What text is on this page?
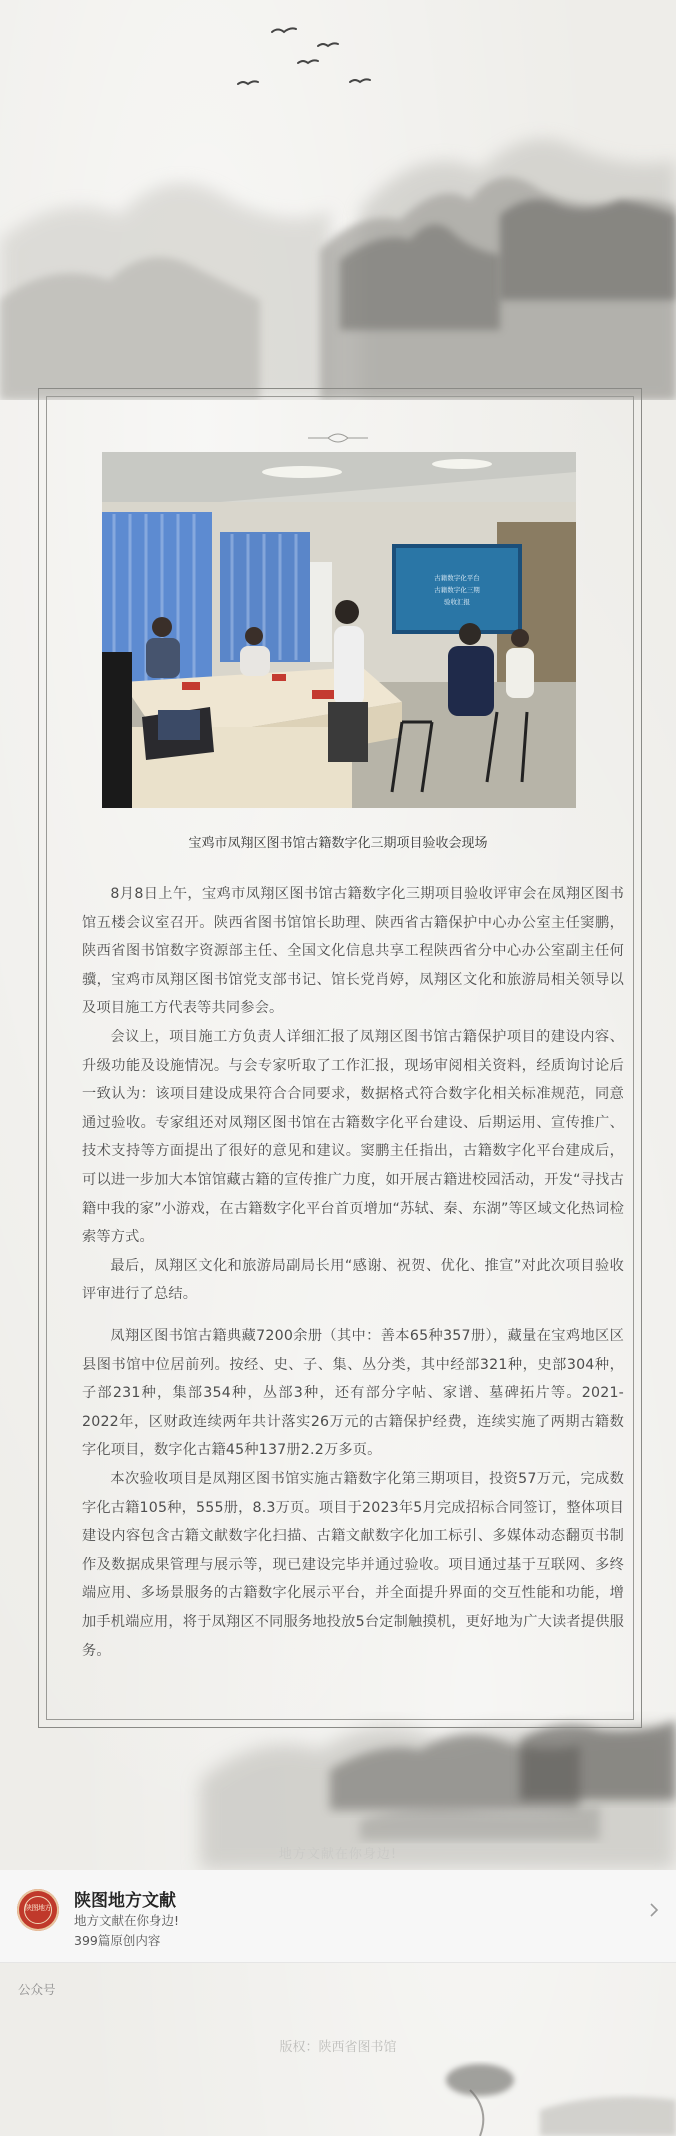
古籍数字化平台
古籍数字化三期
验收汇报
宝鸡市凤翔区图书馆古籍数字化三期项目验收会现场

8月8日上午，宝鸡市凤翔区图书馆古籍数字化三期项目验收评审会在凤翔区图书馆五楼会议室召开。陕西省图书馆馆长助理、陕西省古籍保护中心办公室主任窦鹏，陕西省图书馆数字资源部主任、全国文化信息共享工程陕西省分中心办公室副主任何骥，宝鸡市凤翔区图书馆党支部书记、馆长党肖婷，凤翔区文化和旅游局相关领导以及项目施工方代表等共同参会。

会议上，项目施工方负责人详细汇报了凤翔区图书馆古籍保护项目的建设内容、升级功能及设施情况。与会专家听取了工作汇报，现场审阅相关资料，经质询讨论后一致认为：该项目建设成果符合合同要求，数据格式符合数字化相关标准规范，同意通过验收。专家组还对凤翔区图书馆在古籍数字化平台建设、后期运用、宣传推广、技术支持等方面提出了很好的意见和建议。窦鹏主任指出，古籍数字化平台建成后，可以进一步加大本馆馆藏古籍的宣传推广力度，如开展古籍进校园活动，开发“寻找古籍中我的家”小游戏，在古籍数字化平台首页增加“苏轼、秦、东湖”等区域文化热词检索等方式。

最后，凤翔区文化和旅游局副局长用“感谢、祝贺、优化、推宣”对此次项目验收评审进行了总结。

凤翔区图书馆古籍典藏7200余册（其中：善本65种357册），藏量在宝鸡地区区县图书馆中位居前列。按经、史、子、集、丛分类，其中经部321种，史部304种，子部231种，集部354种，丛部3种，还有部分字帖、家谱、墓碑拓片等。2021-2022年，区财政连续两年共计落实26万元的古籍保护经费，连续实施了两期古籍数字化项目，数字化古籍45种137册2.2万多页。

本次验收项目是凤翔区图书馆实施古籍数字化第三期项目，投资57万元，完成数字化古籍105种，555册，8.3万页。项目于2023年5月完成招标合同签订，整体项目建设内容包含古籍文献数字化扫描、古籍文献数字化加工标引、多媒体动态翻页书制作及数据成果管理与展示等，现已建设完毕并通过验收。项目通过基于互联网、多终端应用、多场景服务的古籍数字化展示平台，并全面提升界面的交互性能和功能，增加手机端应用，将于凤翔区不同服务地投放5台定制触摸机，更好地为广大读者提供服务。

地方文献在你身边!
陕图地方 陕图地方文献
地方文献在你身边!
399篇原创内容
公众号
版权：陕西省图书馆
